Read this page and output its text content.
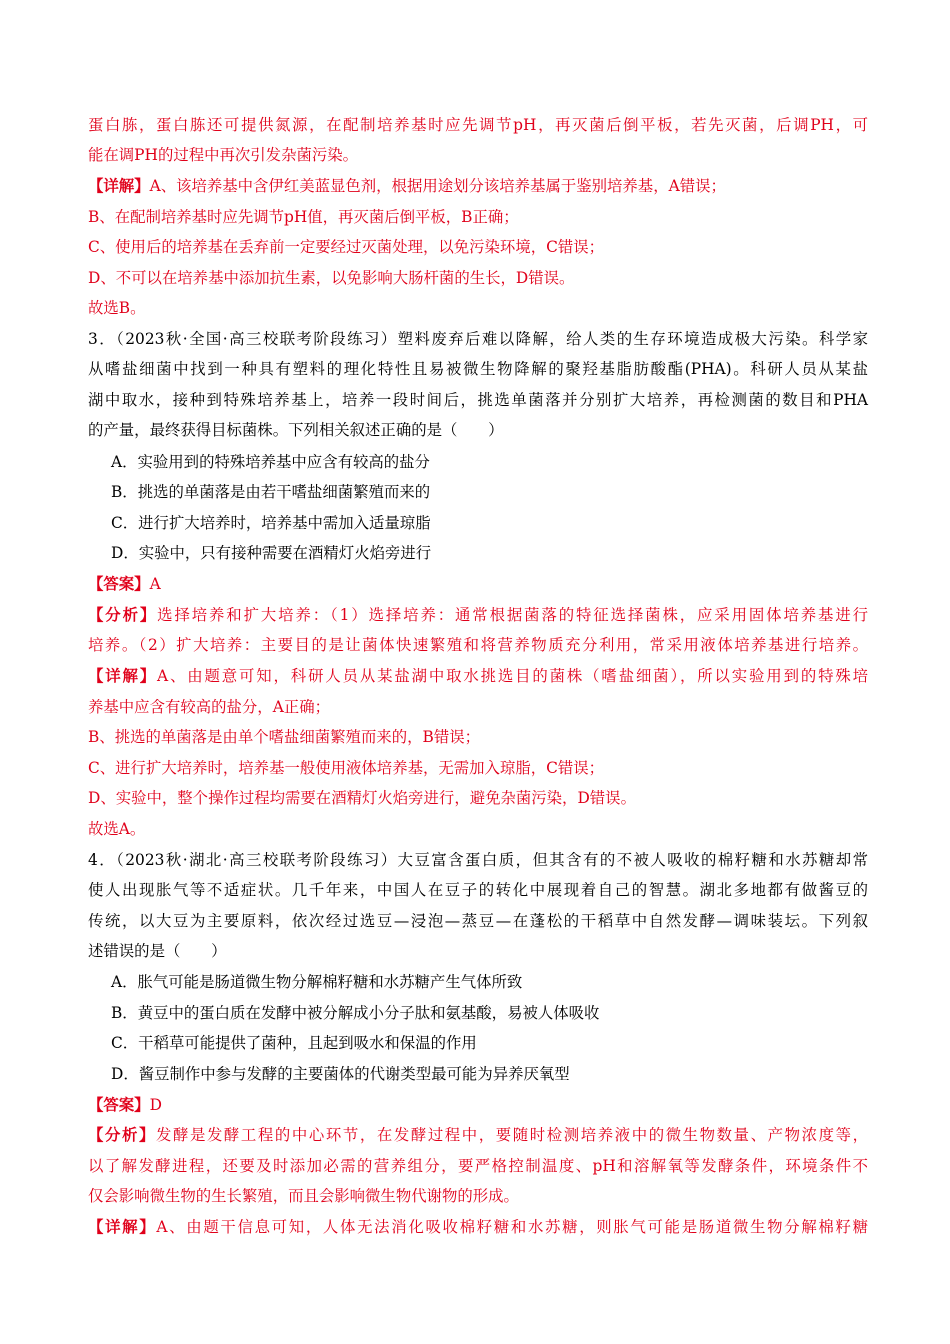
蛋白胨，蛋白胨还可提供氮源，在配制培养基时应先调节pH，再灭菌后倒平板，若先灭菌，后调PH，可
能在调PH的过程中再次引发杂菌污染。
【详解】A、该培养基中含伊红美蓝显色剂，根据用途划分该培养基属于鉴别培养基，A错误；
B、在配制培养基时应先调节pH值，再灭菌后倒平板，B正确；
C、使用后的培养基在丢弃前一定要经过灭菌处理，以免污染环境，C错误；
D、不可以在培养基中添加抗生素，以免影响大肠杆菌的生长，D错误。
故选B。
3．（2023秋·全国·高三校联考阶段练习）塑料废弃后难以降解，给人类的生存环境造成极大污染。科学家
从嗜盐细菌中找到一种具有塑料的理化特性且易被微生物降解的聚羟基脂肪酸酯(PHA)。科研人员从某盐
湖中取水，接种到特殊培养基上，培养一段时间后，挑选单菌落并分别扩大培养，再检测菌的数目和PHA
的产量，最终获得目标菌株。下列相关叙述正确的是（　　）
A．实验用到的特殊培养基中应含有较高的盐分
B．挑选的单菌落是由若干嗜盐细菌繁殖而来的
C．进行扩大培养时，培养基中需加入适量琼脂
D．实验中，只有接种需要在酒精灯火焰旁进行
【答案】A
【分析】选择培养和扩大培养：（1）选择培养：通常根据菌落的特征选择菌株，应采用固体培养基进行
培养。（2）扩大培养：主要目的是让菌体快速繁殖和将营养物质充分利用，常采用液体培养基进行培养。
【详解】A、由题意可知，科研人员从某盐湖中取水挑选目的菌株（嗜盐细菌），所以实验用到的特殊培
养基中应含有较高的盐分，A正确；
B、挑选的单菌落是由单个嗜盐细菌繁殖而来的，B错误；
C、进行扩大培养时，培养基一般使用液体培养基，无需加入琼脂，C错误；
D、实验中，整个操作过程均需要在酒精灯火焰旁进行，避免杂菌污染，D错误。
故选A。
4．（2023秋·湖北·高三校联考阶段练习）大豆富含蛋白质，但其含有的不被人吸收的棉籽糖和水苏糖却常
使人出现胀气等不适症状。几千年来，中国人在豆子的转化中展现着自己的智慧。湖北多地都有做酱豆的
传统，以大豆为主要原料，依次经过选豆—浸泡—蒸豆—在蓬松的干稻草中自然发酵—调味装坛。下列叙
述错误的是（　　）
A．胀气可能是肠道微生物分解棉籽糖和水苏糖产生气体所致
B．黄豆中的蛋白质在发酵中被分解成小分子肽和氨基酸，易被人体吸收
C．干稻草可能提供了菌种，且起到吸水和保温的作用
D．酱豆制作中参与发酵的主要菌体的代谢类型最可能为异养厌氧型
【答案】D
【分析】发酵是发酵工程的中心环节，在发酵过程中，要随时检测培养液中的微生物数量、产物浓度等，
以了解发酵进程，还要及时添加必需的营养组分，要严格控制温度、pH和溶解氧等发酵条件，环境条件不
仅会影响微生物的生长繁殖，而且会影响微生物代谢物的形成。
【详解】A、由题干信息可知，人体无法消化吸收棉籽糖和水苏糖，则胀气可能是肠道微生物分解棉籽糖
